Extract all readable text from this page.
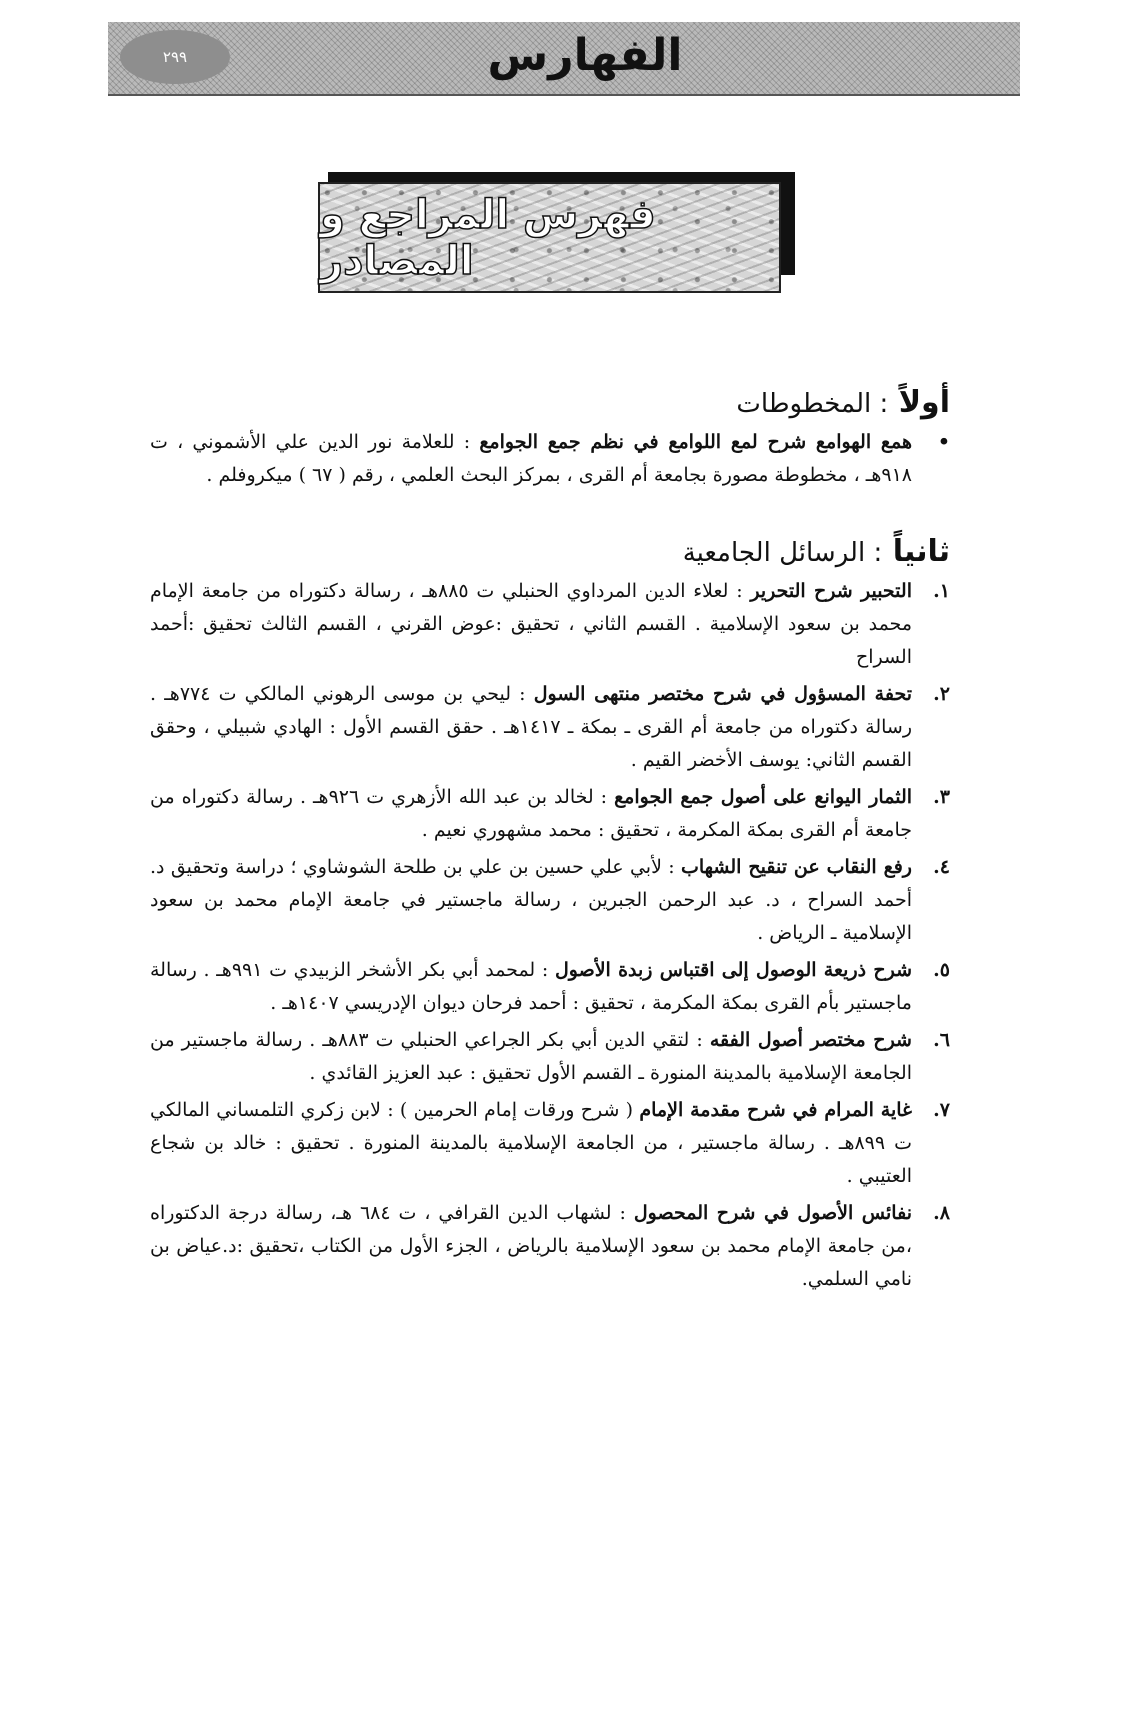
٢٩٩	الفهارس
فهرس المراجع و المصادر
أولاً : المخطوطات
•
همع الهوامع شرح لمع اللوامع في نظم جمع الجوامع : للعلامة نور الدين علي الأشموني ، ت ٩١٨هـ ، مخطوطة مصورة بجامعة أم القرى ، بمركز البحث العلمي ، رقم ( ٦٧ ) ميكروفلم .
ثانياً : الرسائل الجامعية
١.
التحبير شرح التحرير : لعلاء الدين المرداوي الحنبلي ت ٨٨٥هـ ، رسالة دكتوراه من جامعة الإمام محمد بن سعود الإسلامية . القسم الثاني ، تحقيق :عوض القرني ، القسم الثالث تحقيق :أحمد السراح
٢.
تحفة المسؤول في شرح مختصر منتهى السول : ليحي بن موسى الرهوني المالكي ت ٧٧٤هـ . رسالة دكتوراه من جامعة أم القرى ـ بمكة ـ ١٤١٧هـ . حقق القسم الأول : الهادي شبيلي ، وحقق القسم الثاني: يوسف الأخضر القيم .
٣.
الثمار اليوانع على أصول جمع الجوامع : لخالد بن عبد الله الأزهري ت ٩٢٦هـ . رسالة دكتوراه من جامعة أم القرى بمكة المكرمة ، تحقيق : محمد مشهوري نعيم .
٤.
رفع النقاب عن تنقيح الشهاب : لأبي علي حسين بن علي بن طلحة الشوشاوي ؛ دراسة وتحقيق د. أحمد السراح ، د. عبد الرحمن الجبرين ، رسالة ماجستير في جامعة الإمام محمد بن سعود الإسلامية ـ الرياض .
٥.
شرح ذريعة الوصول إلى اقتباس زبدة الأصول : لمحمد أبي بكر الأشخر الزبيدي ت ٩٩١هـ . رسالة ماجستير بأم القرى بمكة المكرمة ، تحقيق : أحمد فرحان ديوان الإدريسي ١٤٠٧هـ .
٦.
شرح مختصر أصول الفقه : لتقي الدين أبي بكر الجراعي الحنبلي ت ٨٨٣هـ . رسالة ماجستير من الجامعة الإسلامية بالمدينة المنورة ـ القسم الأول تحقيق : عبد العزيز القائدي .
٧.
غاية المرام في شرح مقدمة الإمام ( شرح ورقات إمام الحرمين ) : لابن زكري التلمساني المالكي ت ٨٩٩هـ . رسالة ماجستير ، من الجامعة الإسلامية بالمدينة المنورة . تحقيق : خالد بن شجاع العتيبي .
٨.
نفائس الأصول في شرح المحصول : لشهاب الدين القرافي ، ت ٦٨٤ هـ، رسالة درجة الدكتوراه ،من جامعة الإمام محمد بن سعود الإسلامية بالرياض ، الجزء الأول من الكتاب ،تحقيق :د.عياض بن نامي السلمي.
